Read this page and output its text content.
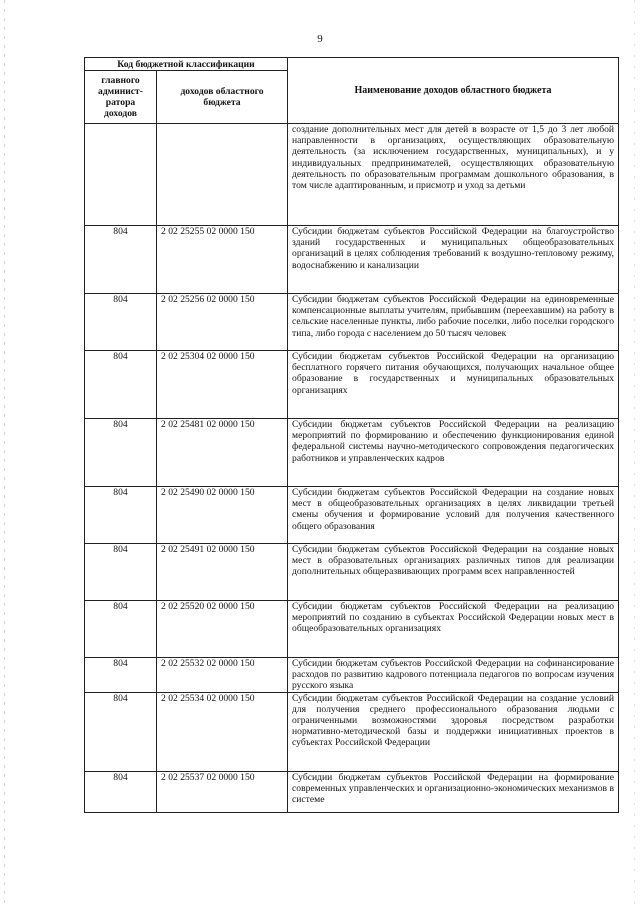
9
Код бюджетной классификации		Наименование доходов областного бюджета
главного админист-ратора доходов	доходов областного бюджета	
		создание дополнительных мест для детей в возрасте от 1,5 до 3 лет любой направленности в организациях, осуществляющих образовательную деятельность (за исключением государственных, муниципальных), и у индивидуальных предпринимателей, осуществляющих образовательную деятельность по образовательным программам дошкольного образования, в том числе адаптированным, и присмотр и уход за детьми
804	2 02 25255 02 0000 150	Субсидии бюджетам субъектов Российской Федерации на благоустройство зданий государственных и муниципальных общеобразовательных организаций в целях соблюдения требований к воздушно-тепловому режиму, водоснабжению и канализации
804	2 02 25256 02 0000 150	Субсидии бюджетам субъектов Российской Федерации на единовременные компенсационные выплаты учителям, прибывшим (переехавшим) на работу в сельские населенные пункты, либо рабочие поселки, либо поселки городского типа, либо города с населением до 50 тысяч человек
804	2 02 25304 02 0000 150	Субсидии бюджетам субъектов Российской Федерации на организацию бесплатного горячего питания обучающихся, получающих начальное общее образование в государственных и муниципальных образовательных организациях
804	2 02 25481 02 0000 150	Субсидии бюджетам субъектов Российской Федерации на реализацию мероприятий по формированию и обеспечению функционирования единой федеральной системы научно-методического сопровождения педагогических работников и управленческих кадров
804	2 02 25490 02 0000 150	Субсидии бюджетам субъектов Российской Федерации на создание новых мест в общеобразовательных организациях в целях ликвидации третьей смены обучения и формирование условий для получения качественного общего образования
804	2 02 25491 02 0000 150	Субсидии бюджетам субъектов Российской Федерации на создание новых мест в образовательных организациях различных типов для реализации дополнительных общеразвивающих программ всех направленностей
804	2 02 25520 02 0000 150	Субсидии бюджетам субъектов Российской Федерации на реализацию мероприятий по созданию в субъектах Российской Федерации новых мест в общеобразовательных организациях
804	2 02 25532 02 0000 150	Субсидии бюджетам субъектов Российской Федерации на софинансирование расходов по развитию кадрового потенциала педагогов по вопросам изучения русского языка
804	2 02 25534 02 0000 150	Субсидии бюджетам субъектов Российской Федерации на создание условий для получения среднего профессионального образования людьми с ограниченными возможностями здоровья посредством разработки нормативно-методической базы и поддержки инициативных проектов в субъектах Российской Федерации
804	2 02 25537 02 0000 150	Субсидии бюджетам субъектов Российской Федерации на формирование современных управленческих и организационно-экономических механизмов в системе
